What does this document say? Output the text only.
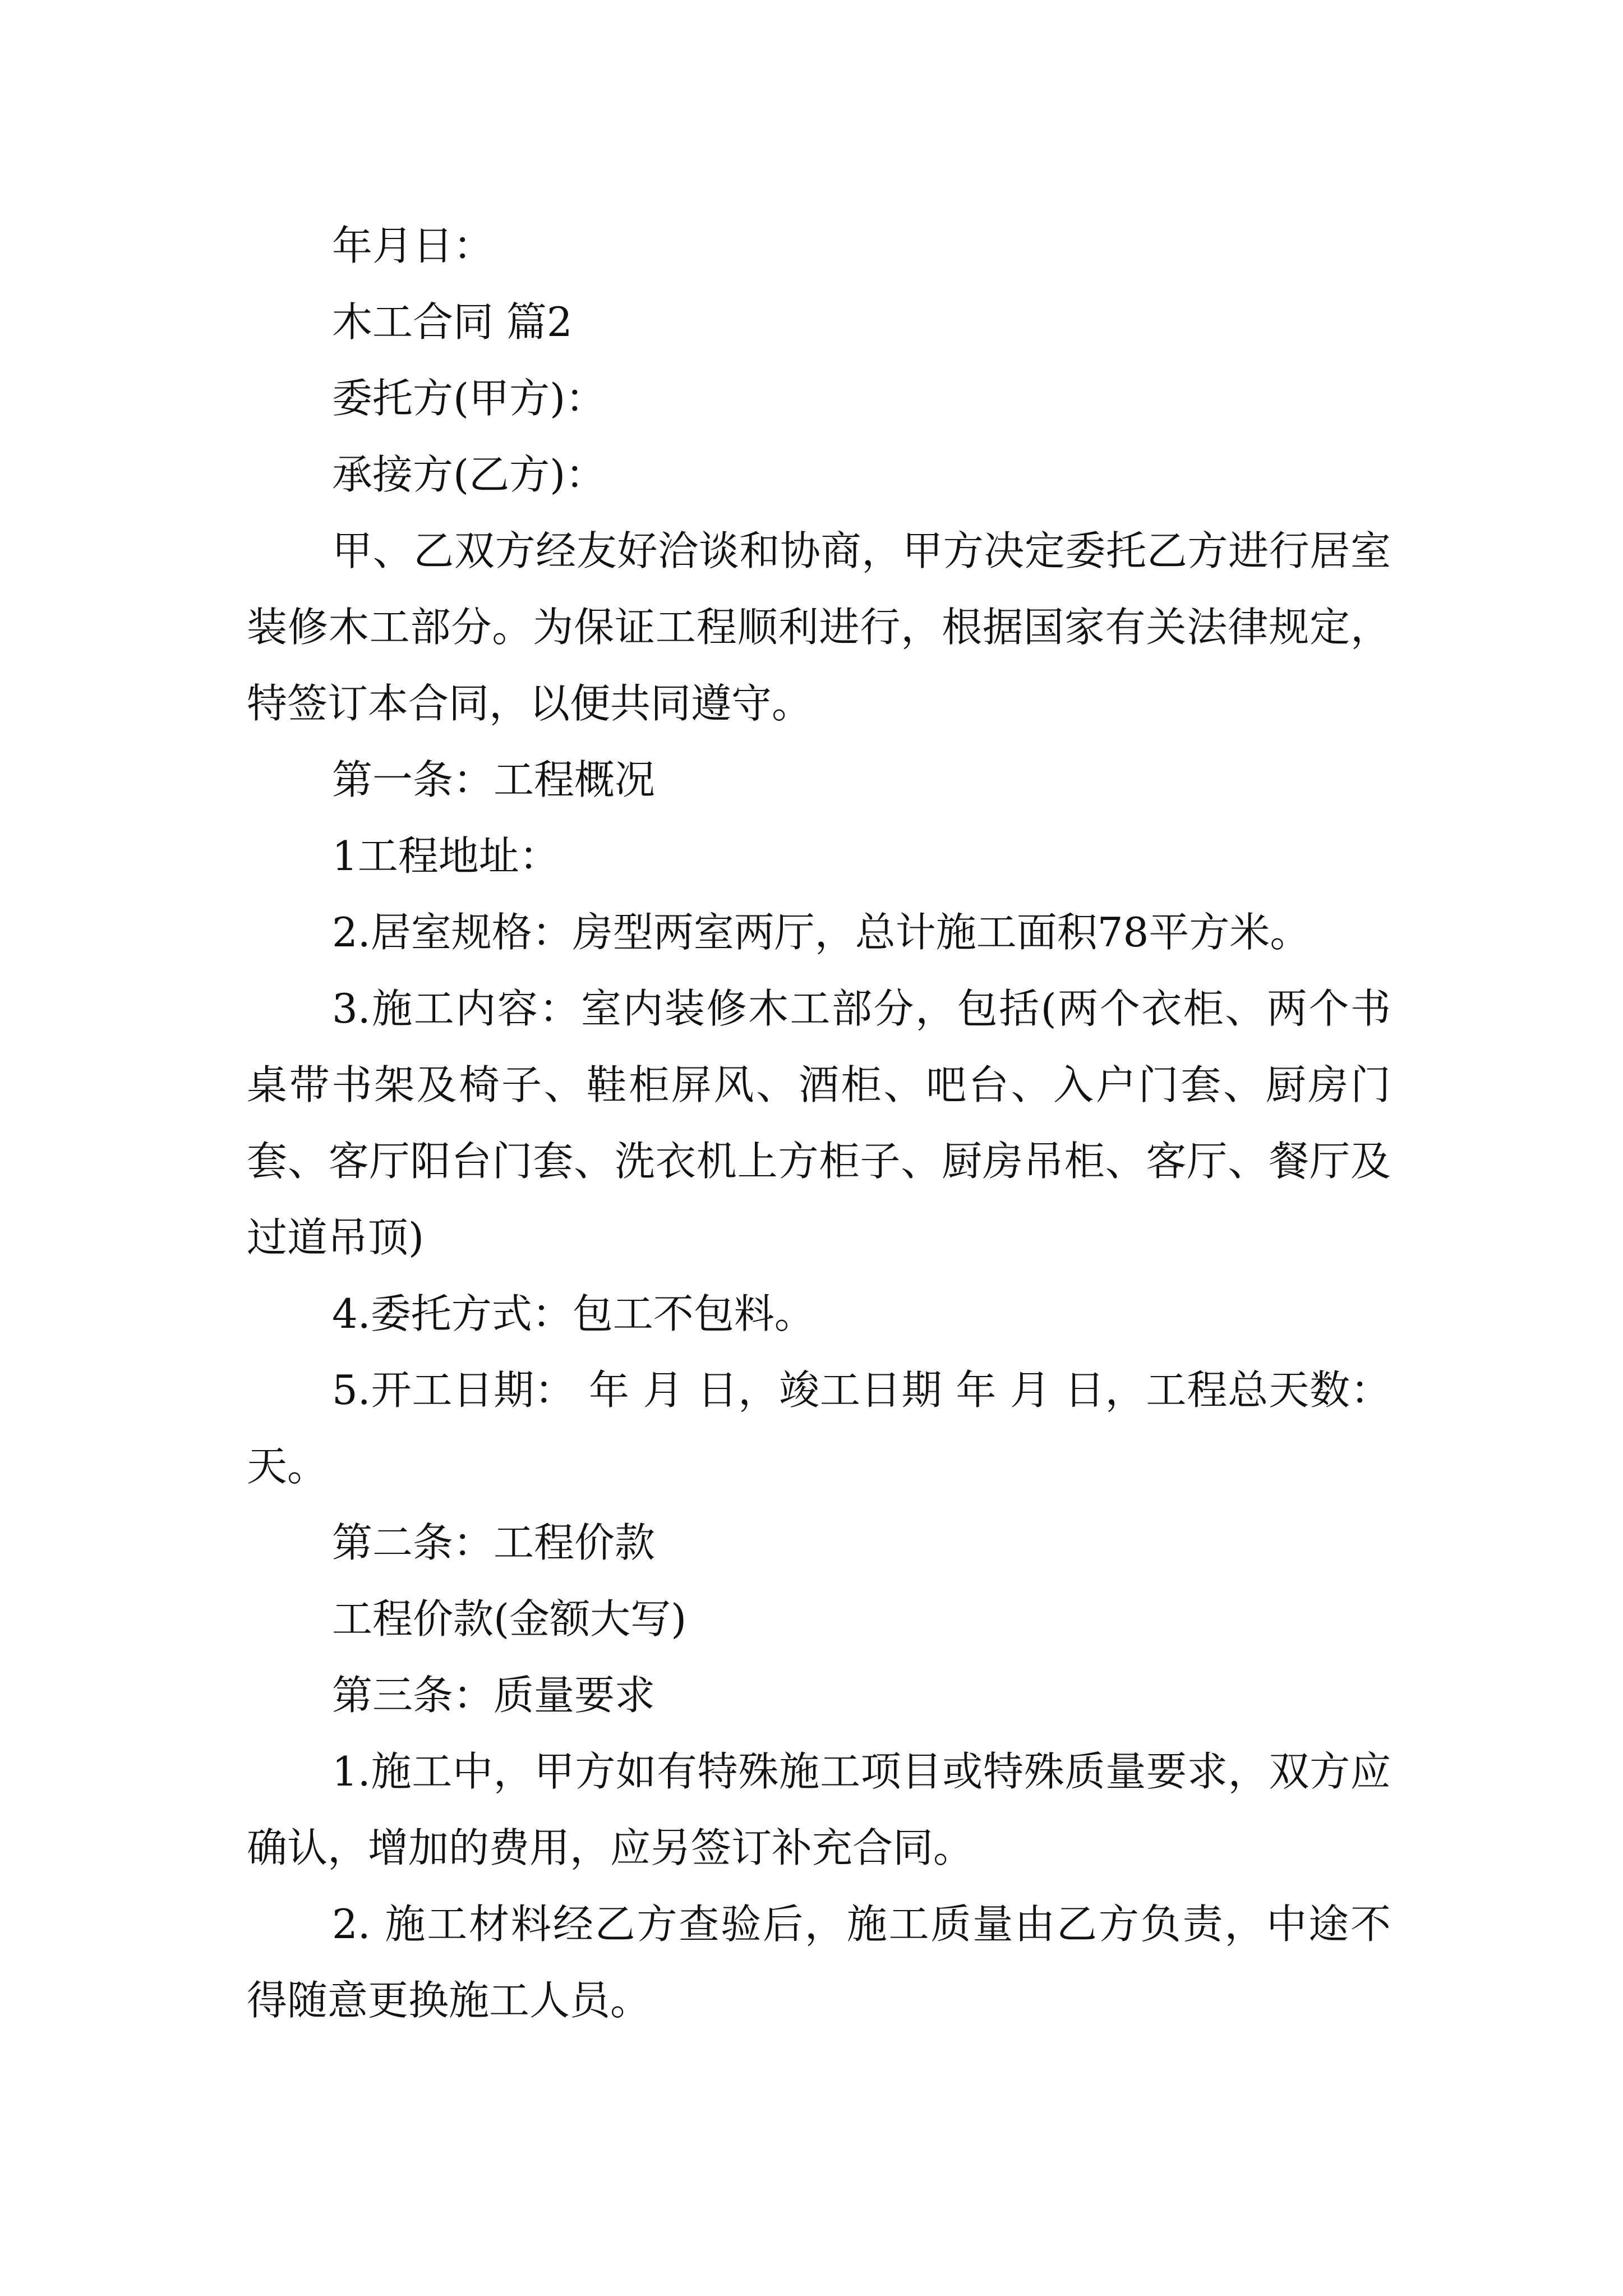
年月日：

木工合同 篇2

委托方(甲方)：

承接方(乙方)：

甲、乙双方经友好洽谈和协商，甲方决定委托乙方进行居室装修木工部分。为保证工程顺利进行，根据国家有关法律规定，特签订本合同，以便共同遵守。

第一条：工程概况

1工程地址：

2.居室规格：房型两室两厅，总计施工面积78平方米。

3.施工内容：室内装修木工部分，包括(两个衣柜、两个书桌带书架及椅子、鞋柜屏风、酒柜、吧台、入户门套、厨房门套、客厅阳台门套、洗衣机上方柜子、厨房吊柜、客厅、餐厅及过道吊顶)

4.委托方式：包工不包料。

5.开工日期： 年 月 日，竣工日期 年 月 日，工程总天数： 天。

第二条：工程价款

工程价款(金额大写)

第三条：质量要求

1.施工中，甲方如有特殊施工项目或特殊质量要求，双方应确认，增加的费用，应另签订补充合同。

2. 施工材料经乙方查验后，施工质量由乙方负责，中途不得随意更换施工人员。
